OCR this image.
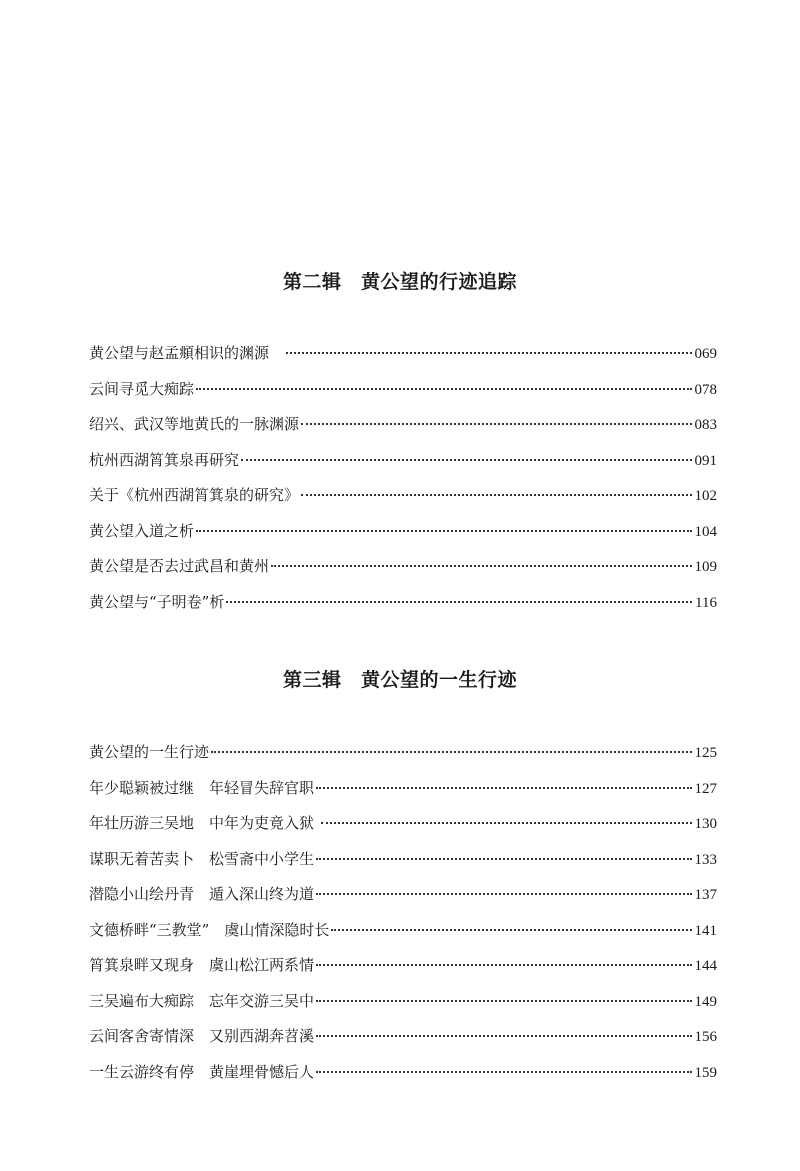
第二辑　黄公望的行迹追踪
黄公望与赵孟頫相识的渊源　	069
云间寻觅大痴踪	078
绍兴、武汉等地黄氏的一脉渊源	083
杭州西湖筲箕泉再研究	091
关于《杭州西湖筲箕泉的研究》	102
黄公望入道之析	104
黄公望是否去过武昌和黄州	109
黄公望与“子明卷”析	116
第三辑　黄公望的一生行迹
黄公望的一生行迹	125
年少聪颖被过继　年轻冒失辞官职	127
年壮历游三吴地　中年为吏竟入狱	130
谋职无着苦卖卜　松雪斋中小学生	133
潜隐小山绘丹青　遁入深山终为道	137
文德桥畔“三教堂”　虞山情深隐时长	141
筲箕泉畔又现身　虞山松江两系情	144
三吴遍布大痴踪　忘年交游三吴中	149
云间客舍寄情深　又别西湖奔苕溪	156
一生云游终有停　黄崖埋骨憾后人	159
